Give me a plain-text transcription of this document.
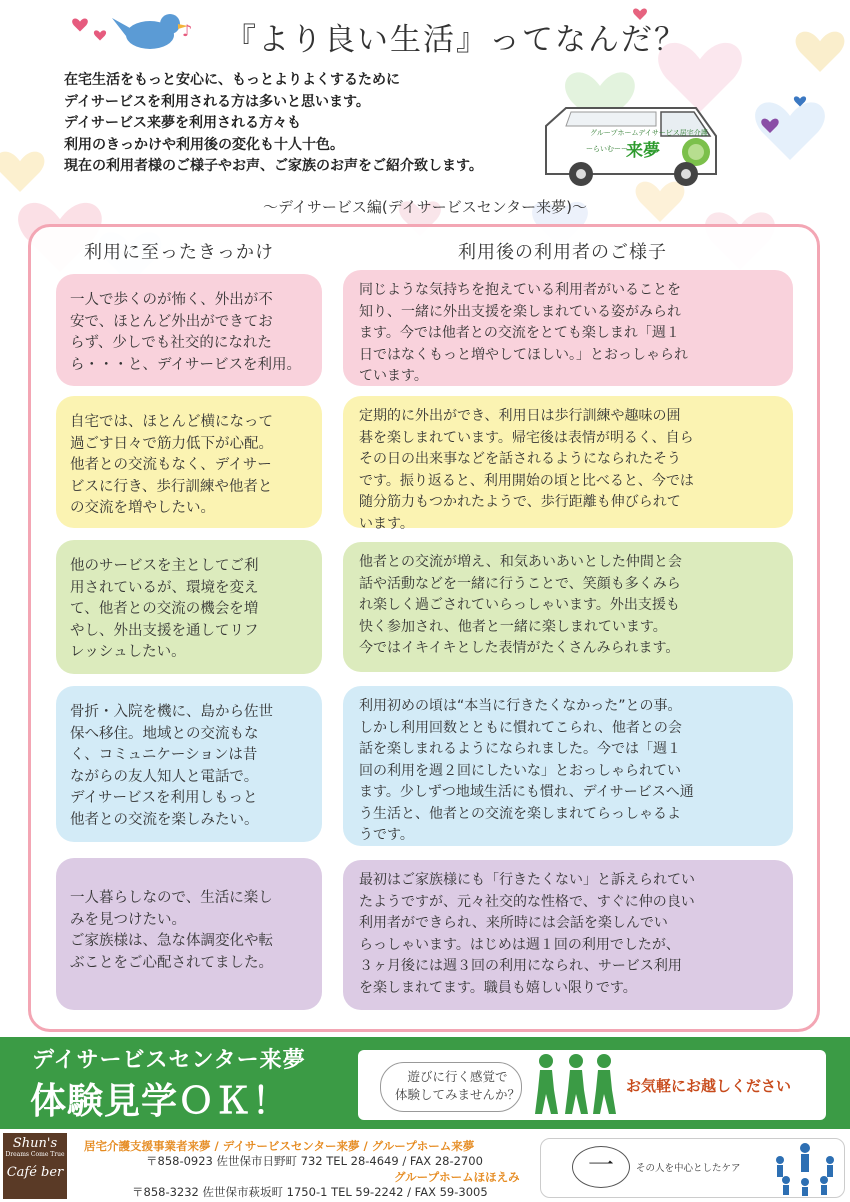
♪
グループホームデイサービス居宅介護
ーらいむーー
来夢
『より良い生活』ってなんだ？
在宅生活をもっと安心に、もっとよりよくするために
デイサービスを利用される方は多いと思います。
デイサービス来夢を利用される方々も
利用のきっかけや利用後の変化も十人十色。
現在の利用者様のご様子やお声、ご家族のお声をご紹介致します。
～デイサービス編(デイサービスセンター来夢)～
利用に至ったきっかけ	利用後の利用者のご様子
一人で歩くのが怖く、外出が不
安で、ほとんど外出ができてお
らず、少しでも社交的になれた
ら・・・と、デイサービスを利用。
同じような気持ちを抱えている利用者がいることを
知り、一緒に外出支援を楽しまれている姿がみられ
ます。今では他者との交流をとても楽しまれ「週１
日ではなくもっと増やしてほしい。」とおっしゃられ
ています。
自宅では、ほとんど横になって
過ごす日々で筋力低下が心配。
他者との交流もなく、デイサー
ビスに行き、歩行訓練や他者と
の交流を増やしたい。
定期的に外出ができ、利用日は歩行訓練や趣味の囲
碁を楽しまれています。帰宅後は表情が明るく、自ら
その日の出来事などを話されるようになられたそう
です。振り返ると、利用開始の頃と比べると、今では
随分筋力もつかれたようで、歩行距離も伸びられて
います。
他のサービスを主としてご利
用されているが、環境を変え
て、他者との交流の機会を増
やし、外出支援を通してリフ
レッシュしたい。
他者との交流が増え、和気あいあいとした仲間と会
話や活動などを一緒に行うことで、笑顔も多くみら
れ楽しく過ごされていらっしゃいます。外出支援も
快く参加され、他者と一緒に楽しまれています。
今ではイキイキとした表情がたくさんみられます。
骨折・入院を機に、島から佐世
保へ移住。地域との交流もな
く、コミュニケーションは昔
ながらの友人知人と電話で。
デイサービスを利用しもっと
他者との交流を楽しみたい。
利用初めの頃は“本当に行きたくなかった”との事。
しかし利用回数とともに慣れてこられ、他者との会
話を楽しまれるようになられました。今では「週１
回の利用を週２回にしたいな」とおっしゃられてい
ます。少しずつ地域生活にも慣れ、デイサービスへ通
う生活と、他者との交流を楽しまれてらっしゃるよ
うです。
一人暮らしなので、生活に楽し
みを見つけたい。
ご家族様は、急な体調変化や転
ぶことをご心配されてました。
最初はご家族様にも「行きたくない」と訴えられてい
たようですが、元々社交的な性格で、すぐに仲の良い
利用者ができられ、来所時には会話を楽しんでい
らっしゃいます。はじめは週１回の利用でしたが、
３ヶ月後には週３回の利用になられ、サービス利用
を楽しまれてます。職員も嬉しい限りです。
デイサービスセンター来夢
体験見学ＯＫ！
遊びに行く感覚で
体験してみませんか？	お気軽にお越しください
Shun's
Dreams Come True
Café ber
居宅介護支援事業者来夢 / デイサービスセンター来夢 / グループホーム来夢
〒858-0923 佐世保市日野町 732 TEL 28-4649 / FAX 28-2700
グループホームほほえみ
〒858-3232 佐世保市萩坂町 1750-1 TEL 59-2242 / FAX 59-3005
一	その人を中心としたケア
